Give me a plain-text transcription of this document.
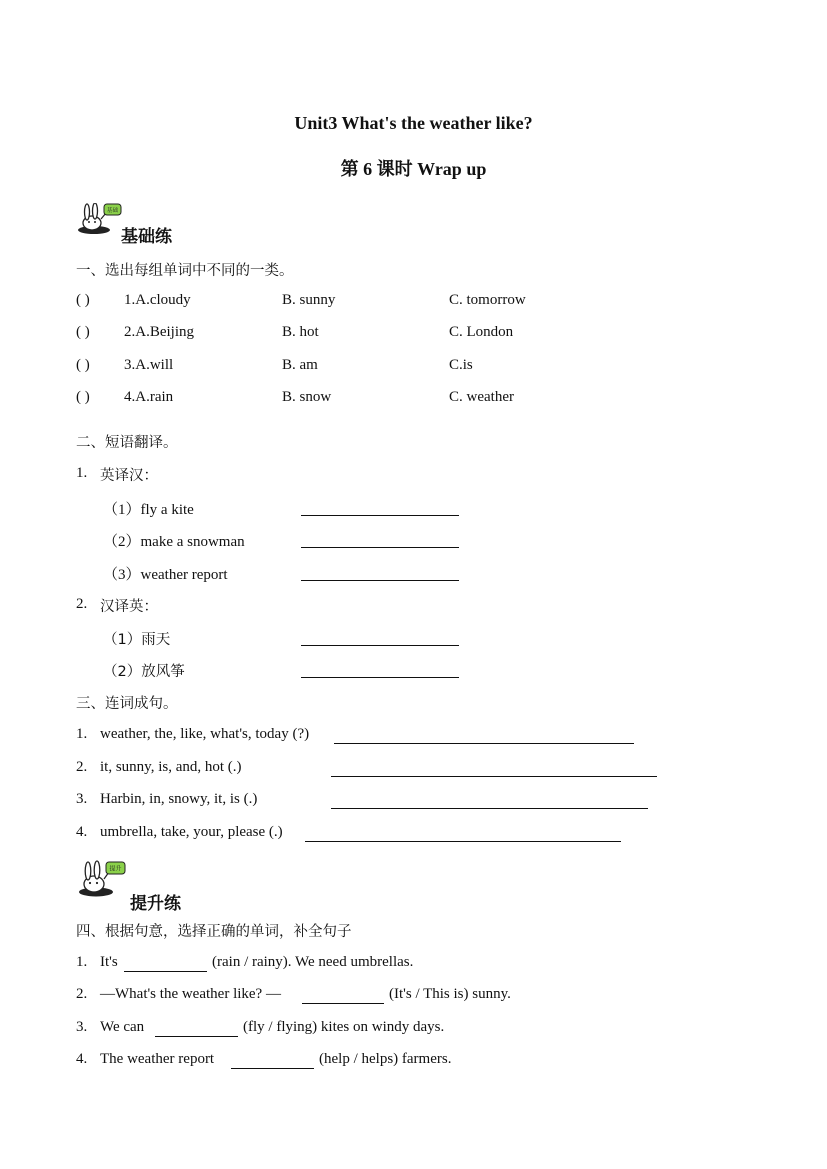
Unit3 What's the weather like?
第 6 课时 Wrap up
基础
基础练
一、选出每组单词中不同的一类。
( ) 1.A.cloudy	B. sunny	C. tomorrow
( ) 2.A.Beijing	B. hot	C. London
( ) 3.A.will	B. am	C.is
( ) 4.A.rain	B. snow	C. weather
二、短语翻译。
1. 英译汉：
（1）fly a kite
（2）make a snowman
（3）weather report
2. 汉译英：
（1）雨天
（2）放风筝
三、连词成句。
1. weather, the, like, what's, today (?)
2. it, sunny, is, and, hot (.)
3. Harbin, in, snowy, it, is (.)
4. umbrella, take, your, please (.)
提升
提升练
四、根据句意，选择正确的单词，补全句子
1. It's	(rain / rainy). We need umbrellas.
2. —What's the weather like? —	(It's / This is) sunny.
3. We can	(fly / flying) kites on windy days.
4. The weather report	(help / helps) farmers.
